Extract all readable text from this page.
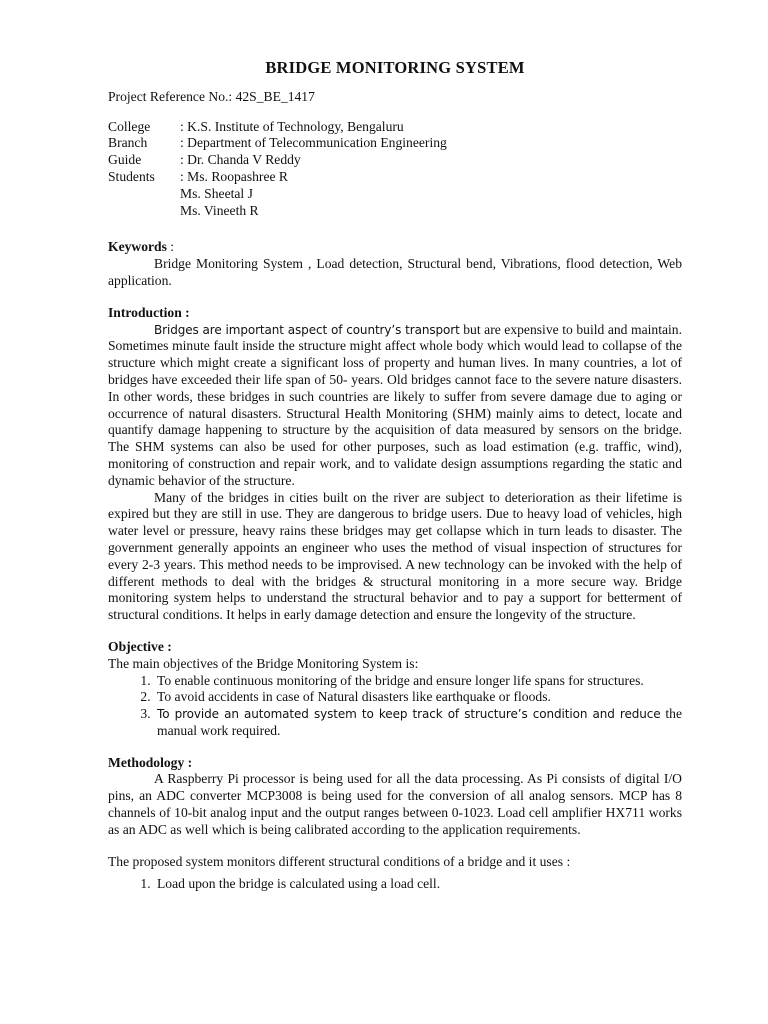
BRIDGE MONITORING SYSTEM

Project Reference No.: 42S_BE_1417

College	: K.S. Institute of Technology, Bengaluru
Branch	: Department of Telecommunication Engineering
Guide	: Dr. Chanda V Reddy
Students	: Ms. Roopashree R
	Ms. Sheetal J
	Ms. Vineeth R

Keywords :

Bridge Monitoring System , Load detection, Structural bend, Vibrations, flood detection, Web application.

Introduction :

Bridges are important aspect of country’s transport but are expensive to build and maintain. Sometimes minute fault inside the structure might affect whole body which would lead to collapse of the structure which might create a significant loss of property and human lives. In many countries, a lot of bridges have exceeded their life span of 50- years. Old bridges cannot face to the severe nature disasters. In other words, these bridges in such countries are likely to suffer from severe damage due to aging or occurrence of natural disasters. Structural Health Monitoring (SHM) mainly aims to detect, locate and quantify damage happening to structure by the acquisition of data measured by sensors on the bridge. The SHM systems can also be used for other purposes, such as load estimation (e.g. traffic, wind), monitoring of construction and repair work, and to validate design assumptions regarding the static and dynamic behavior of the structure.

Many of the bridges in cities built on the river are subject to deterioration as their lifetime is expired but they are still in use. They are dangerous to bridge users. Due to heavy load of vehicles, high water level or pressure, heavy rains these bridges may get collapse which in turn leads to disaster. The government generally appoints an engineer who uses the method of visual inspection of structures for every 2-3 years. This method needs to be improvised. A new technology can be invoked with the help of different methods to deal with the bridges & structural monitoring in a more secure way. Bridge monitoring system helps to understand the structural behavior and to pay a support for betterment of structural conditions. It helps in early damage detection and ensure the longevity of the structure.

Objective :

The main objectives of the Bridge Monitoring System is:

1. To enable continuous monitoring of the bridge and ensure longer life spans for structures.
2. To avoid accidents in case of Natural disasters like earthquake or floods.
3. To provide an automated system to keep track of structure’s condition and reduce the manual work required.

Methodology :

A Raspberry Pi processor is being used for all the data processing. As Pi consists of digital I/O pins, an ADC converter MCP3008 is being used for the conversion of all analog sensors. MCP has 8 channels of 10-bit analog input and the output ranges between 0-1023. Load cell amplifier HX711 works as an ADC as well which is being calibrated according to the application requirements.

The proposed system monitors different structural conditions of a bridge and it uses :

1. Load upon the bridge is calculated using a load cell.
